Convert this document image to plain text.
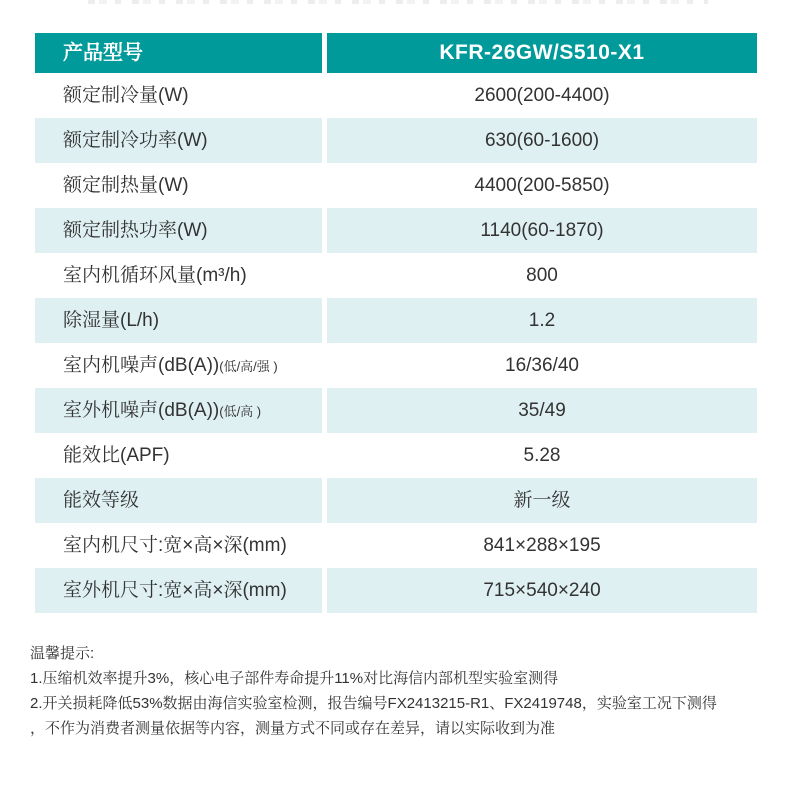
产品型号	KFR-26GW/S510-X1
额定制冷量(W)	2600(200-4400)
额定制冷功率(W)	630(60-1600)
额定制热量(W)	4400(200-5850)
额定制热功率(W)	1140(60-1870)
室内机循环风量(m³/h)	800
除湿量(L/h)	1.2
室内机噪声(dB(A))(低/高/强 )	16/36/40
室外机噪声(dB(A))(低/高 )	35/49
能效比(APF)	5.28
能效等级	新一级
室内机尺寸:宽×高×深(mm)	841×288×195
室外机尺寸:宽×高×深(mm)	715×540×240
温馨提示:
1.压缩机效率提升3%，核心电子部件寿命提升11%对比海信内部机型实验室测得
2.开关损耗降低53%数据由海信实验室检测，报告编号FX2413215-R1、FX2419748，实验室工况下测得
，不作为消费者测量依据等内容，测量方式不同或存在差异，请以实际收到为准
